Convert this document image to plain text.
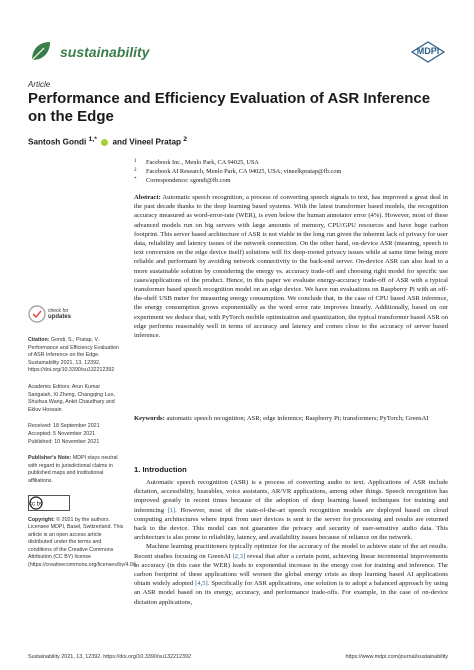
sustainability	MDPI
Article
Performance and Efficiency Evaluation of ASR Inference on the Edge
Santosh Gondi $^{1,*}$ and Vineel Pratap $^2$
1 Facebook Inc., Menlo Park, CA 94025, USA
2 Facebook AI Research, Menlo Park, CA 94025, USA; vineelkpratap@fb.com
* Correspondence: sgondi@fb.com
Abstract: Automatic speech recognition, a process of converting speech signals to text, has improved a great deal in the past decade thanks to the deep learning based systems. With the latest transformer based models, the recognition accuracy measured as word-error-rate (WER), is even below the human annotator error (4%). However, most of these advanced models run on big servers with large amounts of memory, CPU/GPU resources and have huge carbon footprint. This server based architecture of ASR is not viable in the long run given the inherent lack of privacy for user data, reliability and latency issues of the network connection. On the other hand, on-device ASR (meaning, speech to text conversion on the edge device itself) solutions will fix deep-rooted privacy issues while at same time being more reliable and performant by avoiding network connectivity to the back-end server. On-device ASR can also lead to a more sustainable solution by considering the energy vs. accuracy trade-off and choosing right model for specific use cases/applications of the product. Hence, in this paper we evaluate energy-accuracy trade-off of ASR with a typical transformer based speech recognition model on an edge device. We have run evaluations on Raspberry Pi with an off-the-shelf USB meter for measuring energy consumption. We conclude that, in the case of CPU based ASR inference, the energy consumption grows exponentially as the word error rate improves linearly. Additionally, based on our experiment we deduce that, with PyTorch mobile optimization and quantization, the typical transformer based ASR on edge performs reasonably well in terms of accuracy and latency and comes close to the accuracy of server based inference.
Keywords: automatic speech recognition; ASR; edge inference; Raspberry Pi; transformers; PyTorch; GreenAI
check for
updates

Citation: Gondi, S.; Pratap, V. Performance and Efficiency Evaluation of ASR Inference on the Edge. Sustainability 2021, 13, 12392. https://doi.org/10.3390/su132212392

Academic Editors: Arun Kumar Sangaiah, Xi Zheng, Changqing Luo, Shuihua Wang, Ankit Chaudhary and Ekluv Hossain

Received: 18 September 2021
Accepted: 5 November 2021
Published: 10 November 2021

Publisher's Note: MDPI stays neutral with regard to jurisdictional claims in published maps and institutional affiliations.

cc by

Copyright: © 2021 by the authors. Licensee MDPI, Basel, Switzerland. This article is an open access article distributed under the terms and conditions of the Creative Commons Attribution (CC BY) license (https://creativecommons.org/licenses/by/4.0/).

1. Introduction

Automatic speech recognition (ASR) is a process of converting audio to text. Applications of ASR include dictation, accessibility, hearables, voice assistants, AR/VR applications, among other things. Speech recognition has improved greatly in recent times because of the adoption of deep learning based techniques for training and inferencing [1]. However, most of the state-of-the-art speech recognition models are deployed based on cloud computing architectures where input from user devices is sent to the server for processing and results are returned back to the device. This model can not guarantee the privacy and security of user-sensitive audio data. This architecture is also prone to reliability, latency, and availability issues because of reliance on the network.

Machine learning practitioners typically optimize for the accuracy of the model to achieve state of the art results. Recent studies focusing on GreenAI [2,3] reveal that after a certain point, achieving linear incremental improvements to accuracy (in this case the WER) leads to exponential increase in the energy cost for training and inference. The carbon footprint of these applications will worsen the global energy crisis as deep learning based AI applications obtain widely adopted [4,5]. Specifically for ASR applications, one solution is to adopt a balanced approach by using an ASR model based on its energy, accuracy, and performance trade-offs. For example, in the case of on-device dictation applications,

Sustainability 2021, 13, 12392. https://doi.org/10.3390/su132212392	https://www.mdpi.com/journal/sustainability
